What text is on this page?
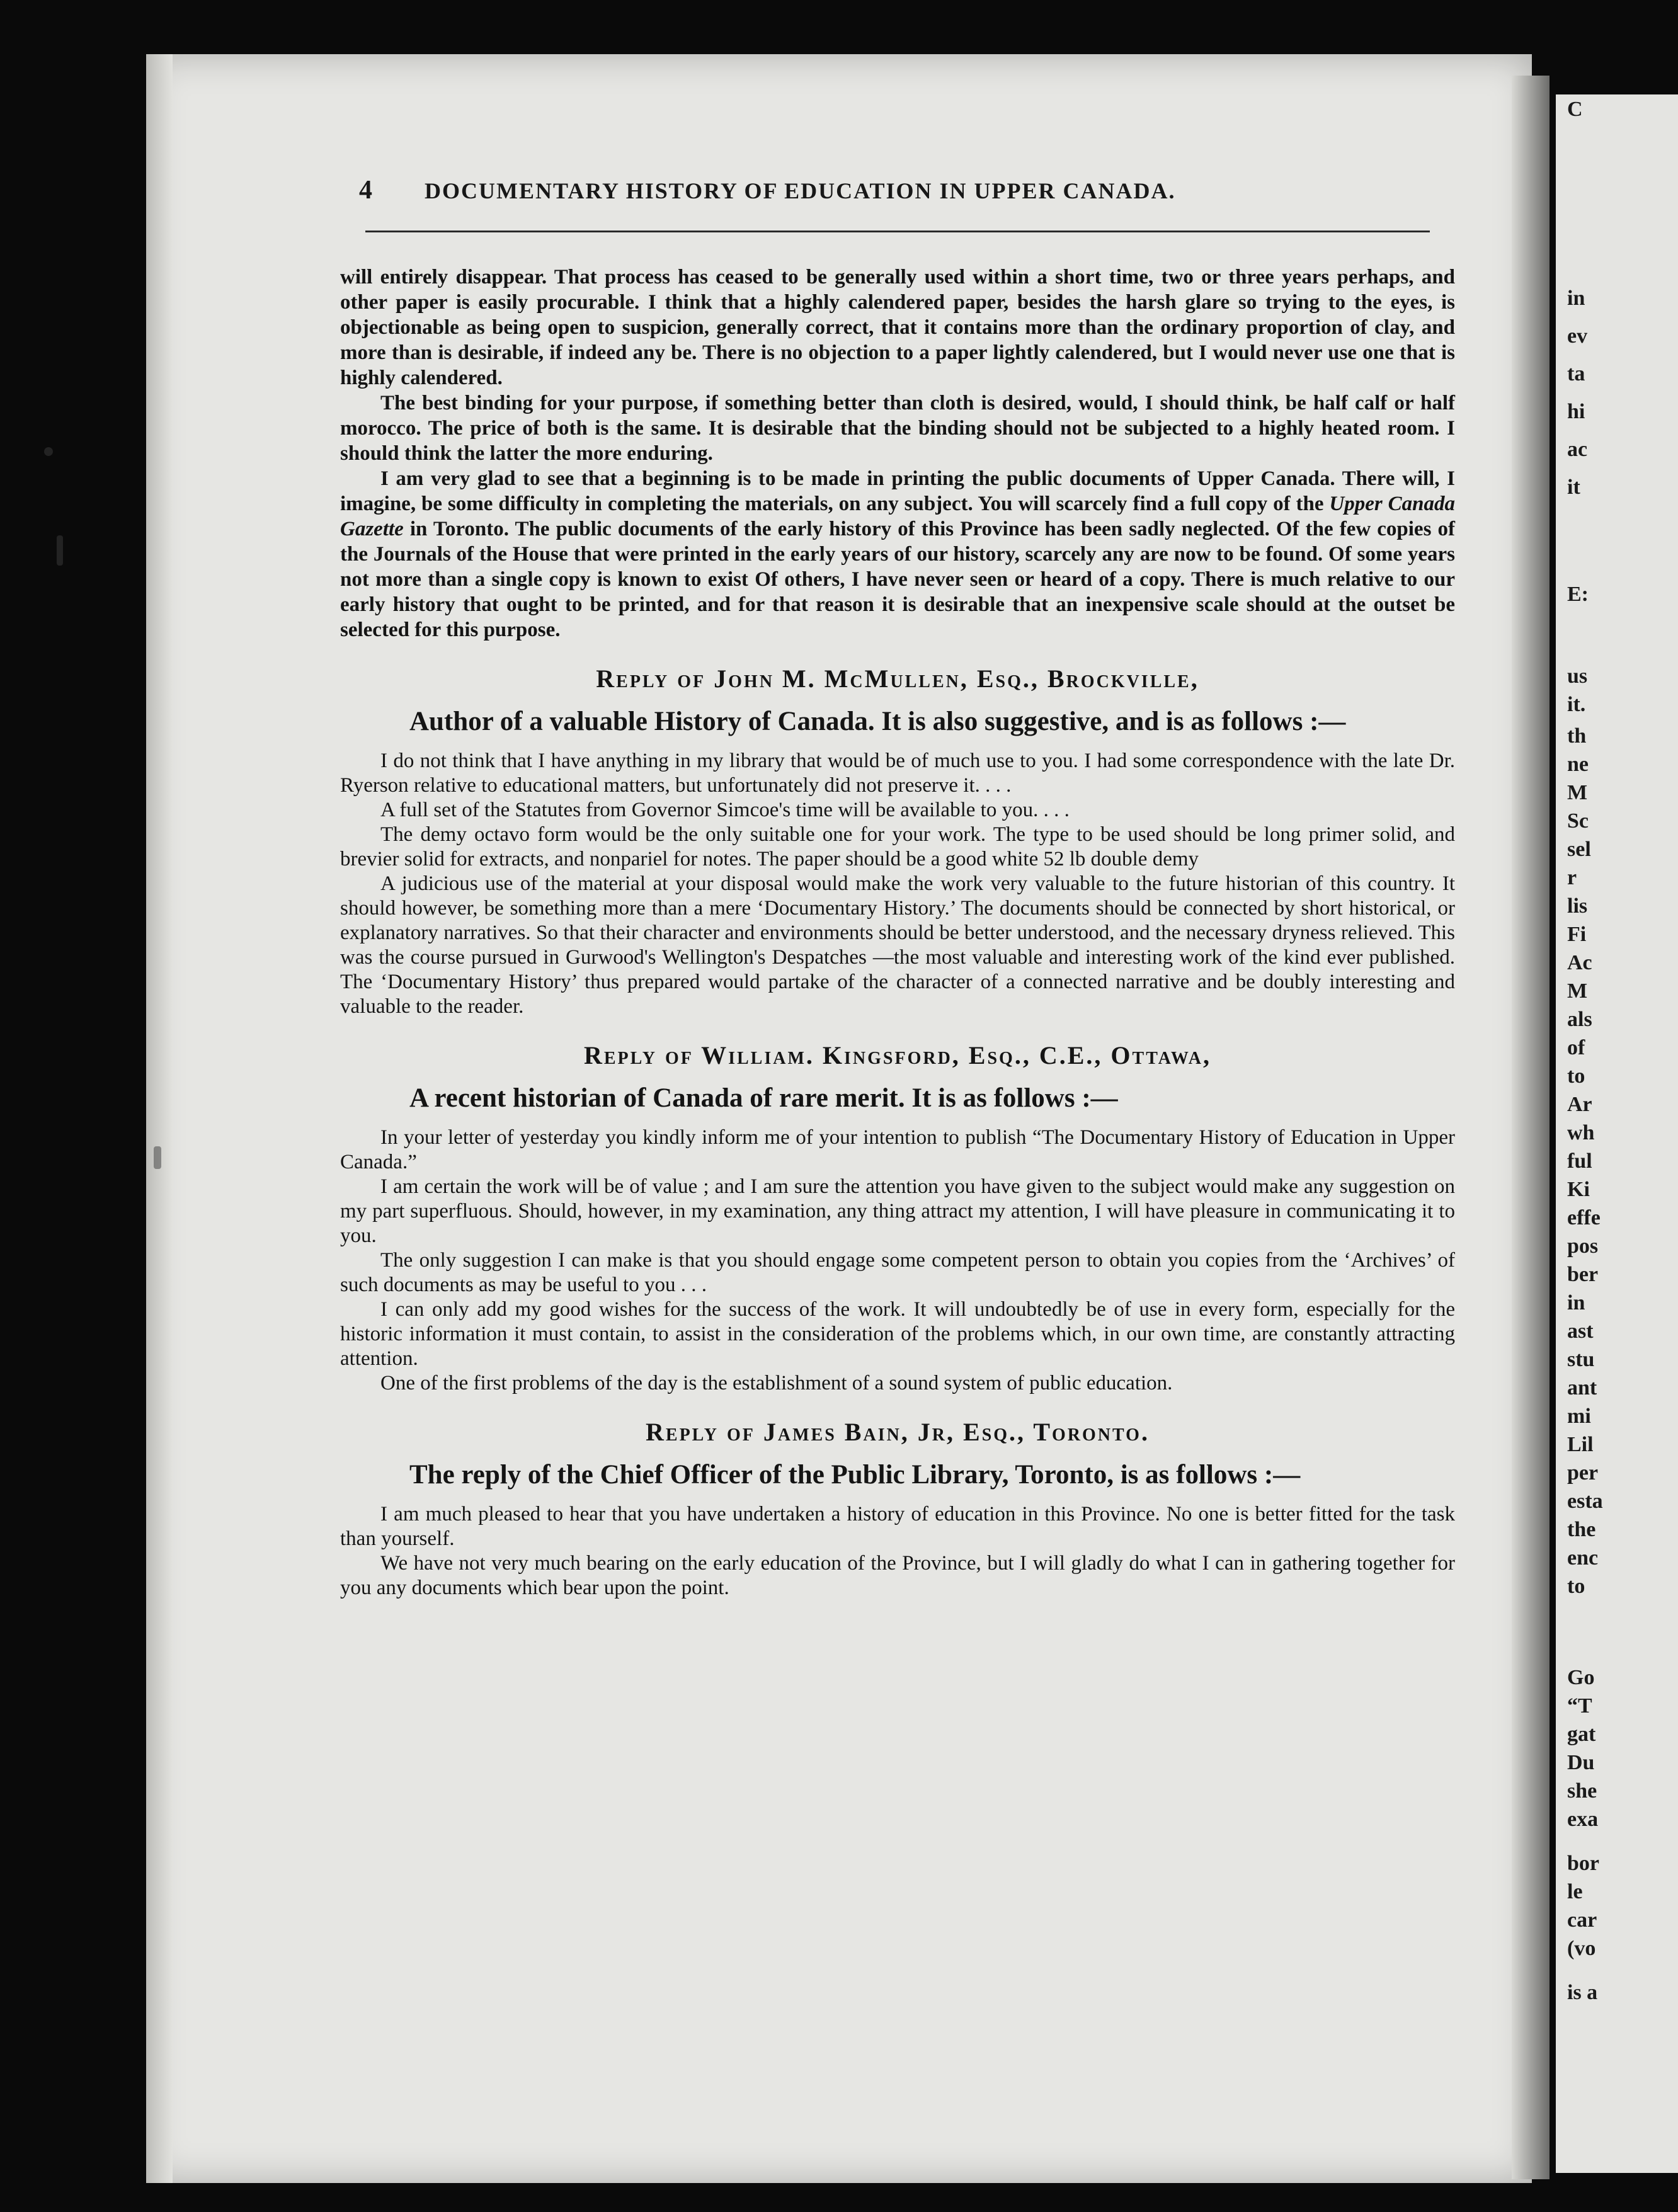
C
in
ev
ta
hi
ac
it
E:
us
it.
th
ne
M
Sc
sel
r
lis
Fi
Ac
M
als
of
to
Ar
wh
ful
Ki
effe
pos
ber
in
ast
stu
ant
mi
Lil
per
esta
the
enc
to
Go
“T
gat
Du
she
exa
bor
le
car
(vo
is a
4 DOCUMENTARY HISTORY OF EDUCATION IN UPPER CANADA.

will entirely disappear. That process has ceased to be generally used within a short time, two or three years perhaps, and other paper is easily procurable. I think that a highly calendered paper, besides the harsh glare so trying to the eyes, is objectionable as being open to suspicion, generally correct, that it contains more than the ordinary proportion of clay, and more than is desirable, if indeed any be. There is no objection to a paper lightly calendered, but I would never use one that is highly calendered.

The best binding for your purpose, if something better than cloth is desired, would, I should think, be half calf or half morocco. The price of both is the same. It is desirable that the binding should not be subjected to a highly heated room. I should think the latter the more enduring.

I am very glad to see that a beginning is to be made in printing the public documents of Upper Canada. There will, I imagine, be some difficulty in completing the materials, on any subject. You will scarcely find a full copy of the Upper Canada Gazette in Toronto. The public documents of the early history of this Province has been sadly neglected. Of the few copies of the Journals of the House that were printed in the early years of our history, scarcely any are now to be found. Of some years not more than a single copy is known to exist Of others, I have never seen or heard of a copy. There is much relative to our early history that ought to be printed, and for that reason it is desirable that an inexpensive scale should at the outset be selected for this purpose.

Reply of John M. McMullen, Esq., Brockville,

Author of a valuable History of Canada. It is also suggestive, and is as follows :—

I do not think that I have anything in my library that would be of much use to you. I had some correspondence with the late Dr. Ryerson relative to educational matters, but unfortunately did not preserve it. . . .

A full set of the Statutes from Governor Simcoe's time will be available to you. . . .

The demy octavo form would be the only suitable one for your work. The type to be used should be long primer solid, and brevier solid for extracts, and nonpariel for notes. The paper should be a good white 52 lb double demy

A judicious use of the material at your disposal would make the work very valuable to the future historian of this country. It should however, be something more than a mere ‘Documentary History.’ The documents should be connected by short historical, or explanatory narratives. So that their character and environments should be better understood, and the necessary dryness relieved. This was the course pursued in Gurwood's Wellington's Despatches —the most valuable and interesting work of the kind ever published. The ‘Documentary History’ thus prepared would partake of the character of a connected narrative and be doubly interesting and valuable to the reader.

Reply of William. Kingsford, Esq., C.E., Ottawa,

A recent historian of Canada of rare merit. It is as follows :—

In your letter of yesterday you kindly inform me of your intention to publish “The Documentary History of Education in Upper Canada.”

I am certain the work will be of value ; and I am sure the attention you have given to the subject would make any suggestion on my part superfluous. Should, however, in my examination, any thing attract my attention, I will have pleasure in communicating it to you.

The only suggestion I can make is that you should engage some competent person to obtain you copies from the ‘Archives’ of such documents as may be useful to you . . .

I can only add my good wishes for the success of the work. It will undoubtedly be of use in every form, especially for the historic information it must contain, to assist in the consideration of the problems which, in our own time, are constantly attracting attention.

One of the first problems of the day is the establishment of a sound system of public education.

Reply of James Bain, Jr, Esq., Toronto.

The reply of the Chief Officer of the Public Library, Toronto, is as follows :—

I am much pleased to hear that you have undertaken a history of education in this Province. No one is better fitted for the task than yourself.

We have not very much bearing on the early education of the Province, but I will gladly do what I can in gathering together for you any documents which bear upon the point.
